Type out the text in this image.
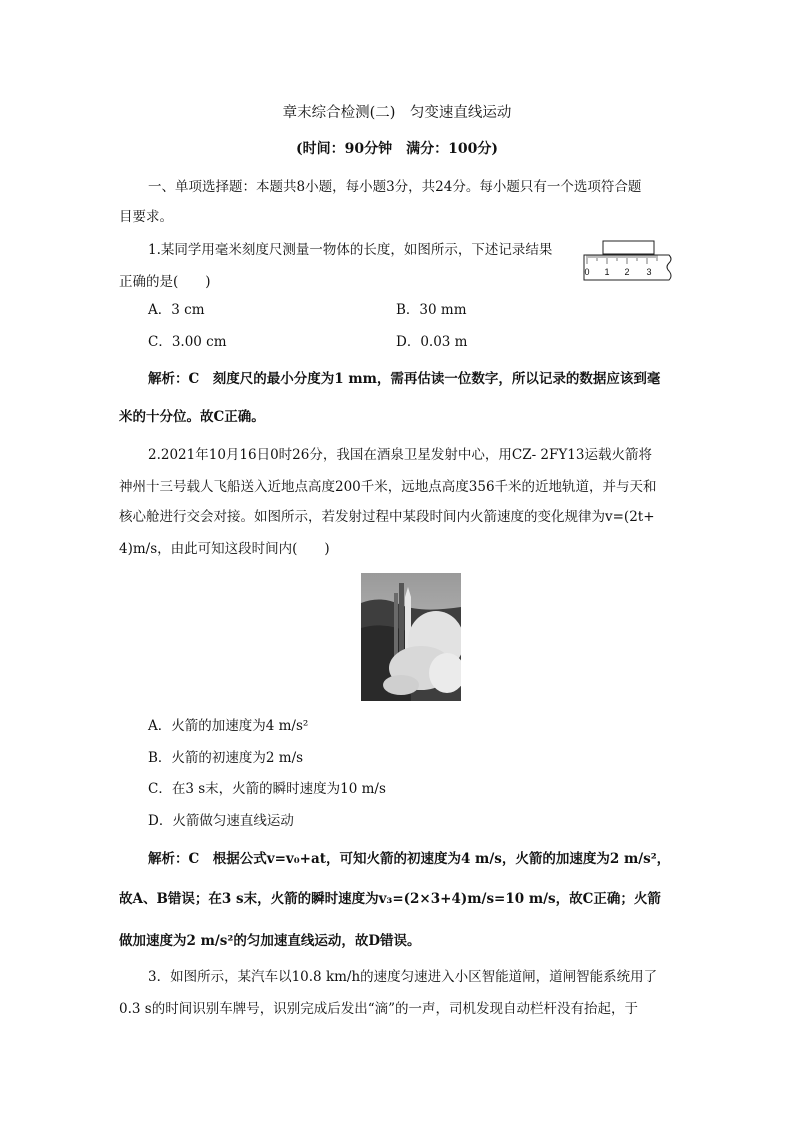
章末综合检测(二)　匀变速直线运动
(时间：90分钟　满分：100分)
一、单项选择题：本题共8小题，每小题3分，共24分。每小题只有一个选项符合题
目要求。
1.某同学用毫米刻度尺测量一物体的长度，如图所示，下述记录结果
正确的是(　　)
0 1 2 3
A．3 cm	B．30 mm
C．3.00 cm	D．0.03 m
解析：C　刻度尺的最小分度为1 mm，需再估读一位数字，所以记录的数据应该到毫
米的十分位。故C正确。
2.2021年10月16日0时26分，我国在酒泉卫星发射中心，用CZ- 2FY13运载火箭将
神州十三号载人飞船送入近地点高度200千米，远地点高度356千米的近地轨道，并与天和
核心舱进行交会对接。如图所示，若发射过程中某段时间内火箭速度的变化规律为v=(2t+
4)m/s，由此可知这段时间内(　　)
A．火箭的加速度为4 m/s²
B．火箭的初速度为2 m/s
C．在3 s末，火箭的瞬时速度为10 m/s
D．火箭做匀速直线运动
解析：C　根据公式v=v₀+at，可知火箭的初速度为4 m/s，火箭的加速度为2 m/s²，
故A、B错误；在3 s末，火箭的瞬时速度为v₃=(2×3+4)m/s=10 m/s，故C正确；火箭
做加速度为2 m/s²的匀加速直线运动，故D错误。
3．如图所示，某汽车以10.8 km/h的速度匀速进入小区智能道闸，道闸智能系统用了
0.3 s的时间识别车牌号，识别完成后发出“滴”的一声，司机发现自动栏杆没有抬起，于
